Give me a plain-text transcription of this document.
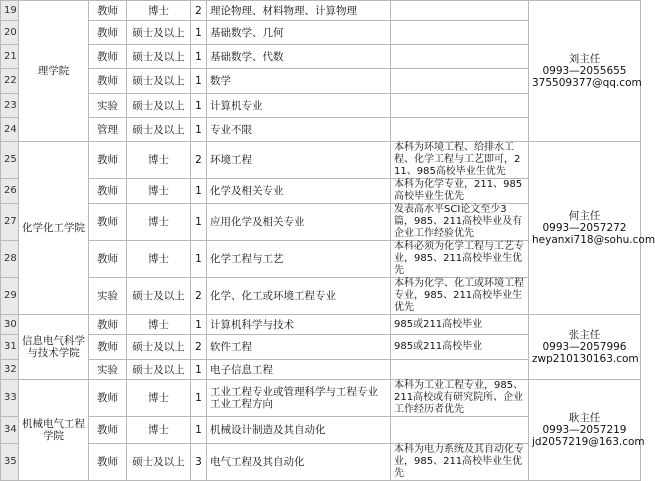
19	理学院	教师	博士	2	理论物理、材料物理、计算物理		刘主任
0993—2055655
375509377@qq.com

20		教师	硕士及以上	1	基础数学、几何		
21		教师	硕士及以上	1	基础数学、代数		
22		教师	硕士及以上	1	数学		
23		实验	硕士及以上	1	计算机专业		
24		管理	硕士及以上	1	专业不限		
25	化学化工学院	教师	博士	2	环境工程	本科为环境工程、给排水工程、化学工程与工艺即可，211、985高校毕业生优先	何主任
0993—2057272
heyanxi718@sohu.com

26		教师	博士	1	化学及相关专业	本科为化学专业，211、985高校毕业生优先	
27		教师	博士	1	应用化学及相关专业	发表高水平SCI论文至少3篇，985、211高校毕业及有企业工作经验优先	
28		教师	博士	1	化学工程与工艺	本科必须为化学工程与工艺专业，985、211高校毕业生优先	
29		实验	硕士及以上	2	化学、化工或环境工程专业	本科为化学、化工或环境工程专业，985、211高校毕业生优先	
30	信息电气科学与技术学院	教师	博士	1	计算机科学与技术	985或211高校毕业	张主任
0993—2057996
zwp210130163.com

31		教师	硕士及以上	2	软件工程	985或211高校毕业	
32		实验	硕士及以上	1	电子信息工程		
33	机械电气工程学院	教师	博士	1	工业工程专业或管理科学与工程专业工业工程方向	本科为工业工程专业，985、211高校或有研究院所、企业工作经历者优先	耿主任
0993—2057219
jd2057219@163.com

34		教师	博士	1	机械设计制造及其自动化		
35		教师	硕士及以上	3	电气工程及其自动化	本科为电力系统及其自动化专业，985、211高校毕业生优先	
